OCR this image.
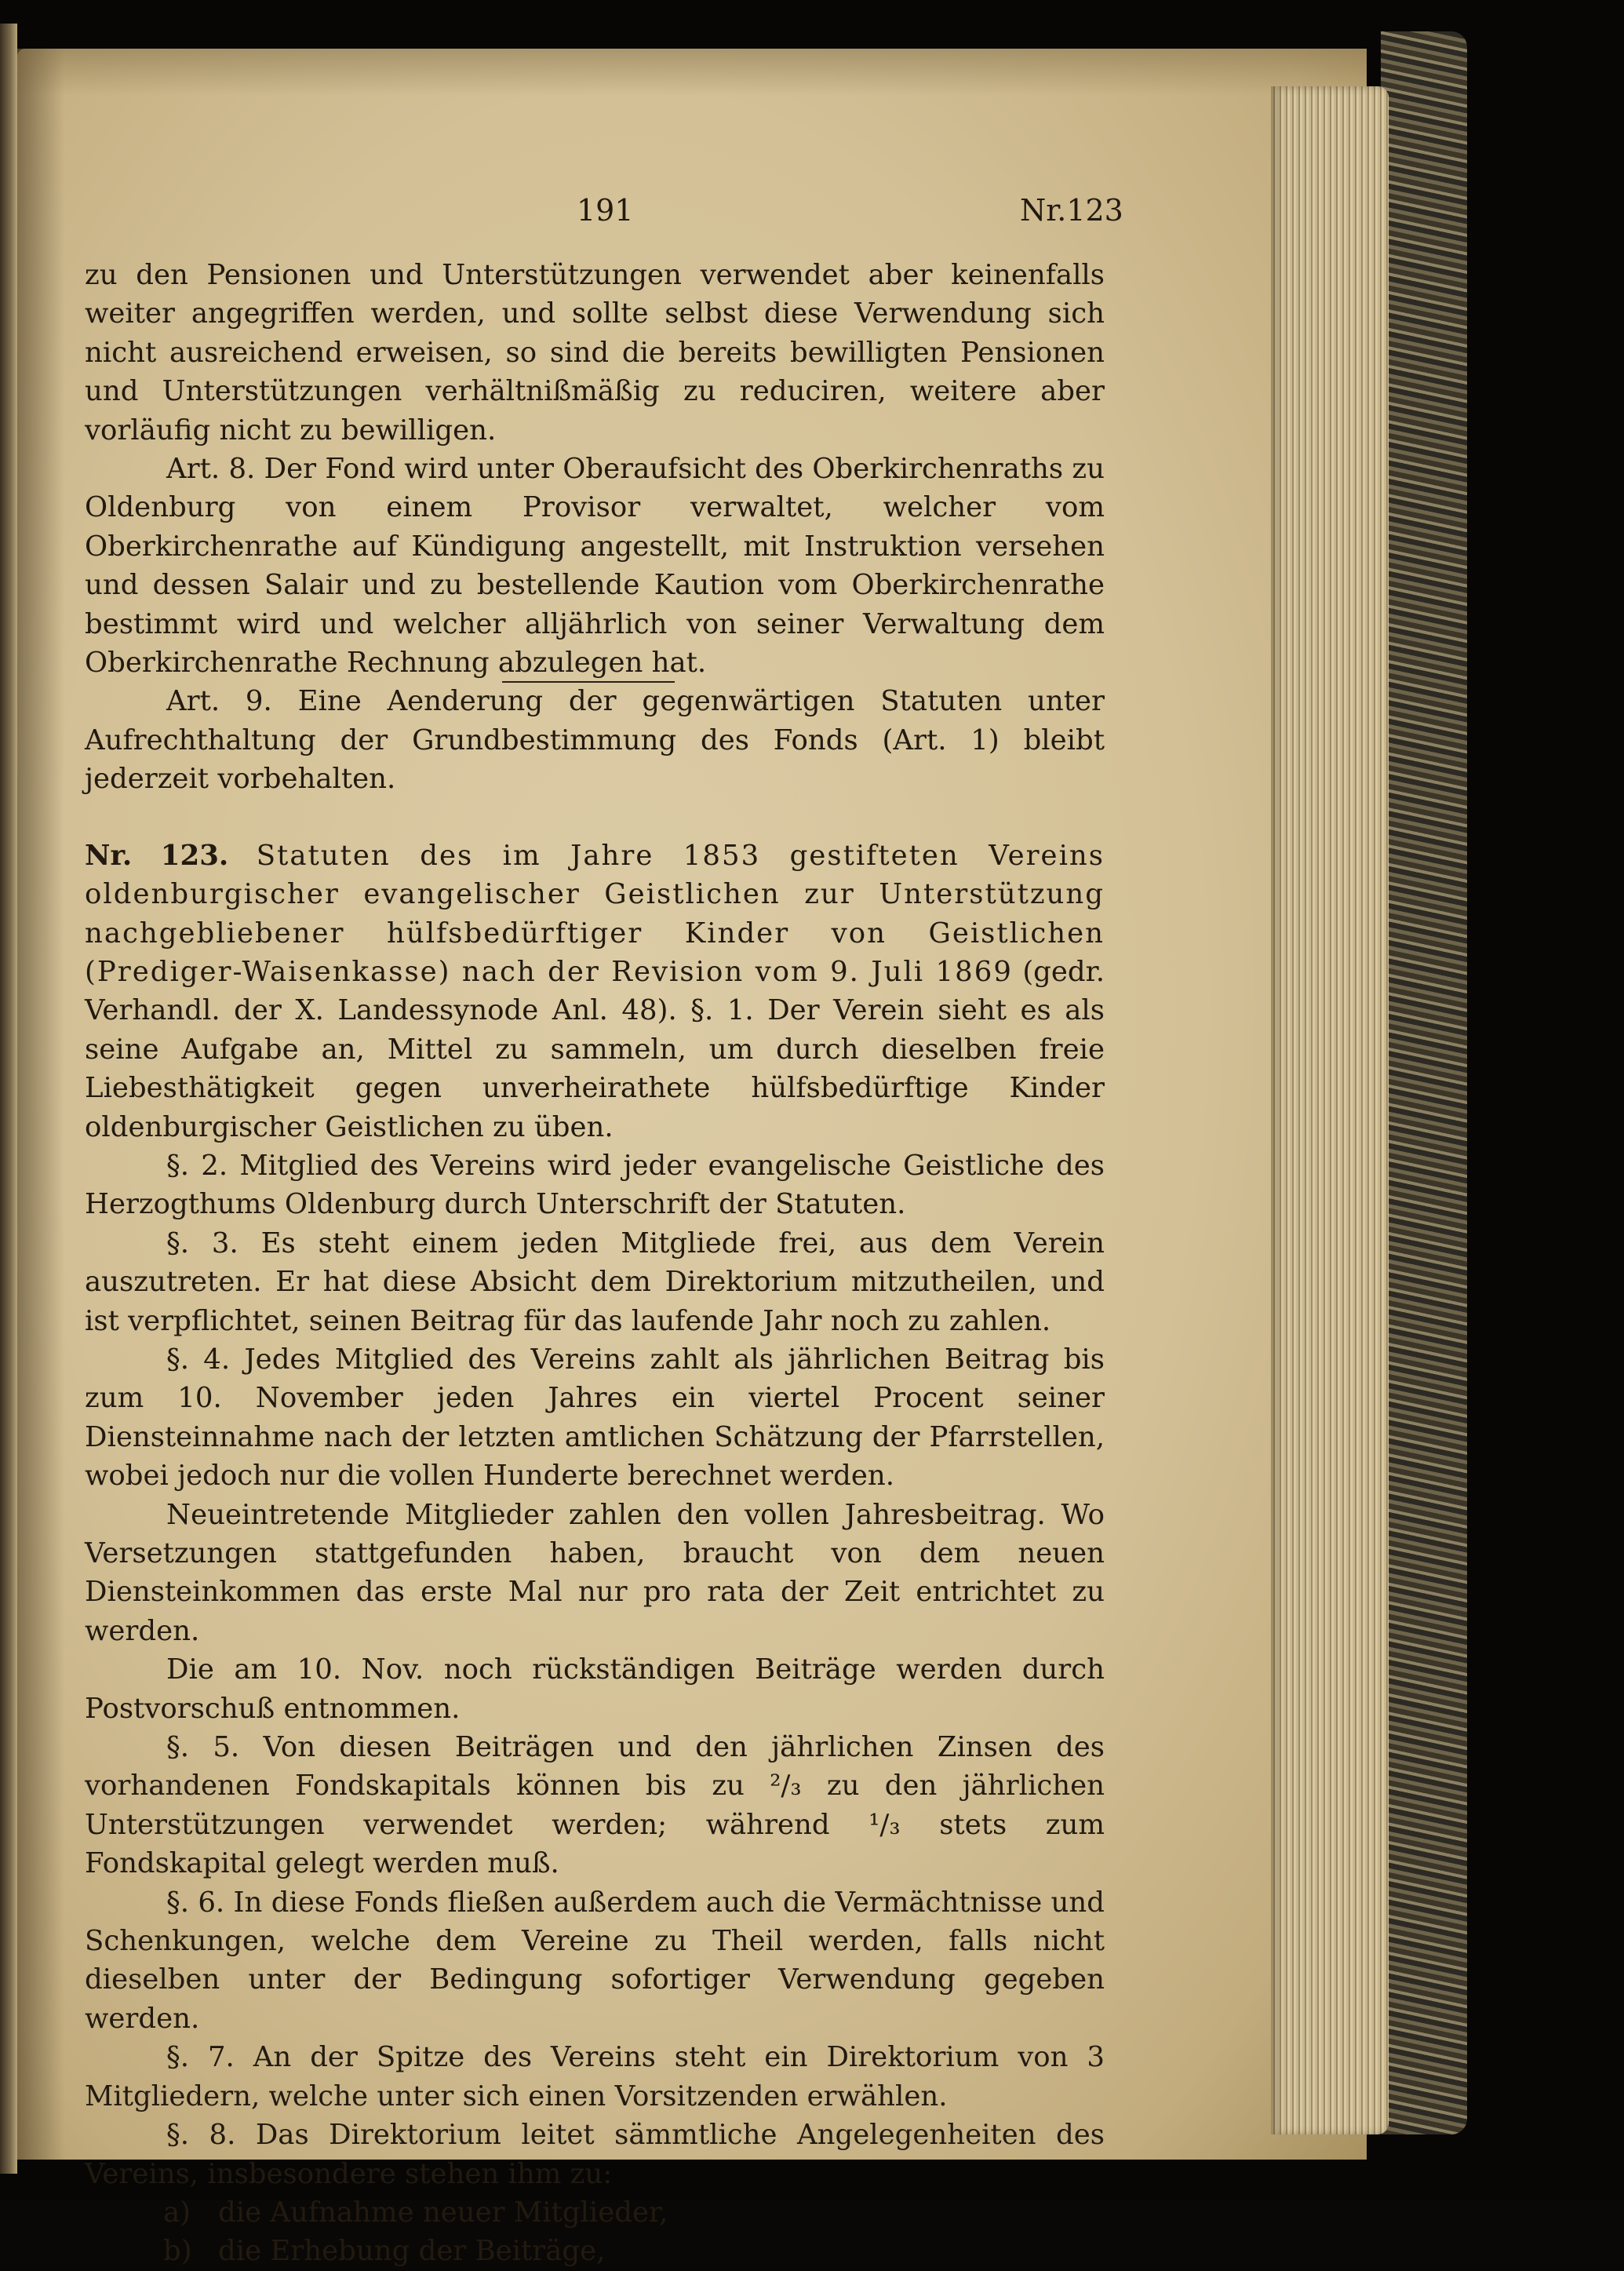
191	Nr.123

zu den Pensionen und Unterstützungen verwendet aber keinenfalls weiter angegriffen werden, und sollte selbst diese Verwendung sich nicht ausreichend erweisen, so sind die bereits bewilligten Pensionen und Unterstützungen verhältnißmäßig zu reduciren, weitere aber vorläufig nicht zu bewilligen.

Art. 8. Der Fond wird unter Oberaufsicht des Oberkirchenraths zu Oldenburg von einem Provisor verwaltet, welcher vom Oberkirchenrathe auf Kündigung angestellt, mit Instruktion versehen und dessen Salair und zu bestellende Kaution vom Oberkirchenrathe bestimmt wird und welcher alljährlich von seiner Verwaltung dem Oberkirchenrathe Rechnung abzulegen hat.

Art. 9. Eine Aenderung der gegenwärtigen Statuten unter Aufrechthaltung der Grundbestimmung des Fonds (Art. 1) bleibt jederzeit vorbehalten.

Nr. 123. Statuten des im Jahre 1853 gestifteten Vereins oldenburgischer evangelischer Geistlichen zur Unterstützung nachgebliebener hülfsbedürftiger Kinder von Geistlichen (Prediger-Waisenkasse) nach der Revision vom 9. Juli 1869 (gedr. Verhandl. der X. Landessynode Anl. 48). §. 1. Der Verein sieht es als seine Aufgabe an, Mittel zu sammeln, um durch dieselben freie Liebesthätigkeit gegen unverheirathete hülfsbedürftige Kinder oldenburgischer Geistlichen zu üben.

§. 2. Mitglied des Vereins wird jeder evangelische Geistliche des Herzogthums Oldenburg durch Unterschrift der Statuten.

§. 3. Es steht einem jeden Mitgliede frei, aus dem Verein auszutreten. Er hat diese Absicht dem Direktorium mitzutheilen, und ist verpflichtet, seinen Beitrag für das laufende Jahr noch zu zahlen.

§. 4. Jedes Mitglied des Vereins zahlt als jährlichen Beitrag bis zum 10. November jeden Jahres ein viertel Procent seiner Diensteinnahme nach der letzten amtlichen Schätzung der Pfarrstellen, wobei jedoch nur die vollen Hunderte berechnet werden.

Neueintretende Mitglieder zahlen den vollen Jahresbeitrag. Wo Versetzungen stattgefunden haben, braucht von dem neuen Diensteinkommen das erste Mal nur pro rata der Zeit entrichtet zu werden.

Die am 10. Nov. noch rückständigen Beiträge werden durch Postvorschuß entnommen.

§. 5. Von diesen Beiträgen und den jährlichen Zinsen des vorhandenen Fondskapitals können bis zu ²/₃ zu den jährlichen Unterstützungen verwendet werden; während ¹/₃ stets zum Fondskapital gelegt werden muß.

§. 6. In diese Fonds fließen außerdem auch die Vermächtnisse und Schenkungen, welche dem Vereine zu Theil werden, falls nicht dieselben unter der Bedingung sofortiger Verwendung gegeben werden.

§. 7. An der Spitze des Vereins steht ein Direktorium von 3 Mitgliedern, welche unter sich einen Vorsitzenden erwählen.

§. 8. Das Direktorium leitet sämmtliche Angelegenheiten des Vereins, insbesondere stehen ihm zu:

a) die Aufnahme neuer Mitglieder,
b) die Erhebung der Beiträge,
